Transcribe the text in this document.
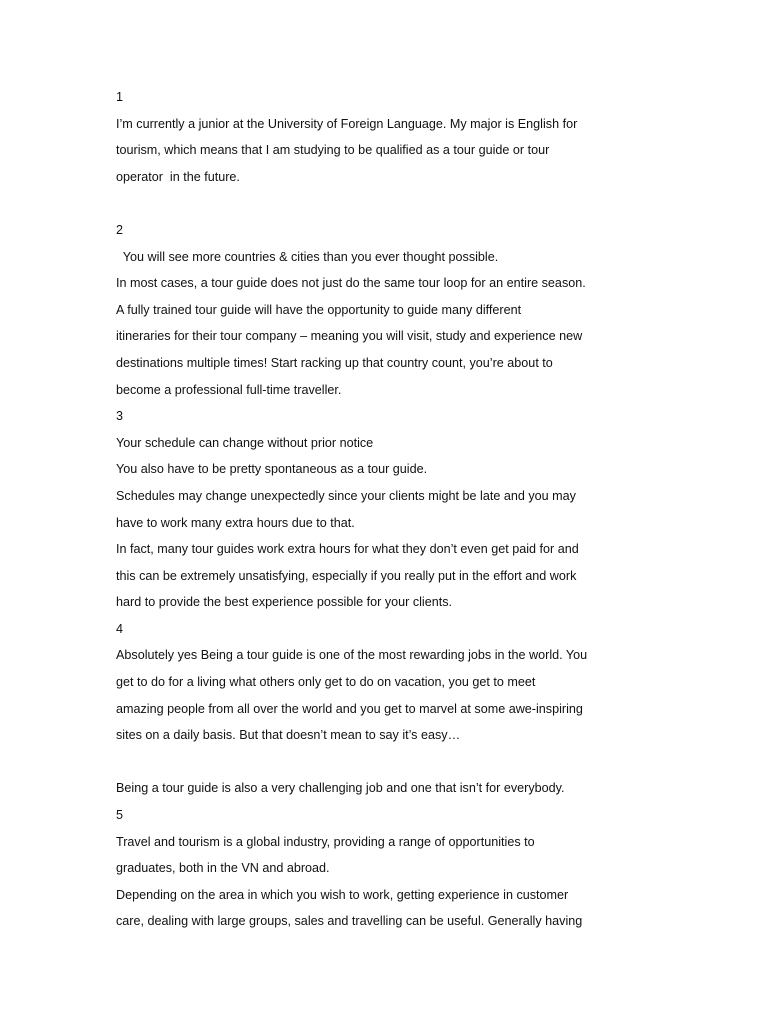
1
I’m currently a junior at the University of Foreign Language. My major is English for
tourism, which means that I am studying to be qualified as a tour guide or tour
operator  in the future.
2
You will see more countries & cities than you ever thought possible.
In most cases, a tour guide does not just do the same tour loop for an entire season.
A fully trained tour guide will have the opportunity to guide many different
itineraries for their tour company – meaning you will visit, study and experience new
destinations multiple times! Start racking up that country count, you’re about to
become a professional full-time traveller.
3
Your schedule can change without prior notice
You also have to be pretty spontaneous as a tour guide.
Schedules may change unexpectedly since your clients might be late and you may
have to work many extra hours due to that.
In fact, many tour guides work extra hours for what they don’t even get paid for and
this can be extremely unsatisfying, especially if you really put in the effort and work
hard to provide the best experience possible for your clients.
4
Absolutely yes Being a tour guide is one of the most rewarding jobs in the world. You
get to do for a living what others only get to do on vacation, you get to meet
amazing people from all over the world and you get to marvel at some awe-inspiring
sites on a daily basis. But that doesn’t mean to say it’s easy…
Being a tour guide is also a very challenging job and one that isn’t for everybody.
5
Travel and tourism is a global industry, providing a range of opportunities to
graduates, both in the VN and abroad.
Depending on the area in which you wish to work, getting experience in customer
care, dealing with large groups, sales and travelling can be useful. Generally having
